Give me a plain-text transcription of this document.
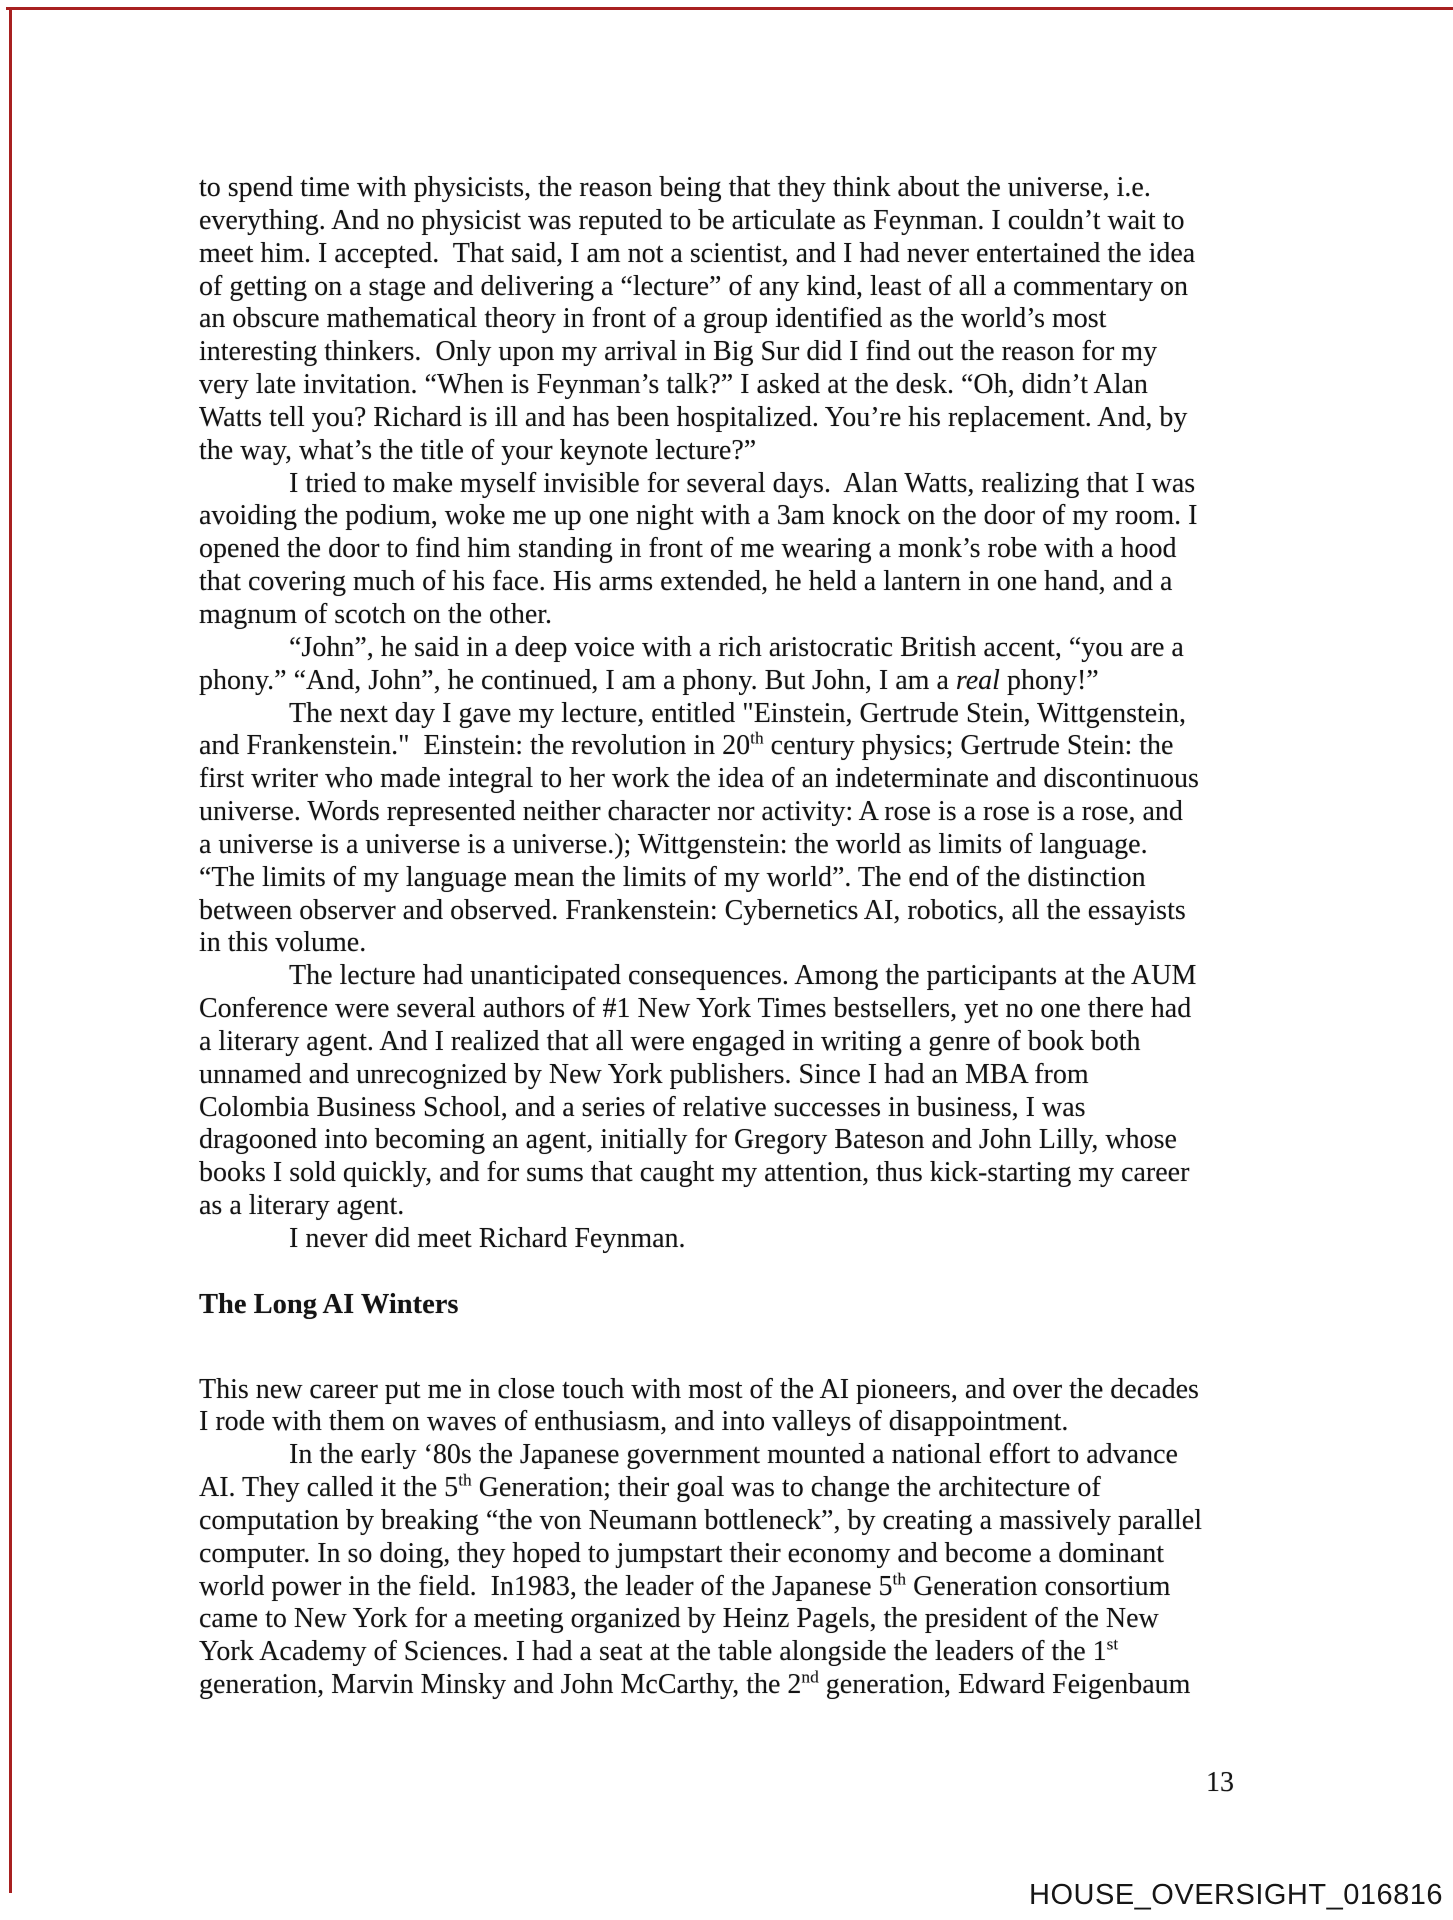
to spend time with physicists, the reason being that they think about the universe, i.e.
everything. And no physicist was reputed to be articulate as Feynman. I couldn’t wait to
meet him. I accepted.  That said, I am not a scientist, and I had never entertained the idea
of getting on a stage and delivering a “lecture” of any kind, least of all a commentary on
an obscure mathematical theory in front of a group identified as the world’s most
interesting thinkers.  Only upon my arrival in Big Sur did I find out the reason for my
very late invitation. “When is Feynman’s talk?” I asked at the desk. “Oh, didn’t Alan
Watts tell you? Richard is ill and has been hospitalized. You’re his replacement. And, by
the way, what’s the title of your keynote lecture?”
I tried to make myself invisible for several days.  Alan Watts, realizing that I was
avoiding the podium, woke me up one night with a 3am knock on the door of my room. I
opened the door to find him standing in front of me wearing a monk’s robe with a hood
that covering much of his face. His arms extended, he held a lantern in one hand, and a
magnum of scotch on the other.
“John”, he said in a deep voice with a rich aristocratic British accent, “you are a
phony.” “And, John”, he continued, I am a phony. But John, I am a real phony!”
The next day I gave my lecture, entitled "Einstein, Gertrude Stein, Wittgenstein,
and Frankenstein."  Einstein: the revolution in 20th century physics; Gertrude Stein: the
first writer who made integral to her work the idea of an indeterminate and discontinuous
universe. Words represented neither character nor activity: A rose is a rose is a rose, and
a universe is a universe is a universe.); Wittgenstein: the world as limits of language.
“The limits of my language mean the limits of my world”. The end of the distinction
between observer and observed. Frankenstein: Cybernetics AI, robotics, all the essayists
in this volume.
The lecture had unanticipated consequences. Among the participants at the AUM
Conference were several authors of #1 New York Times bestsellers, yet no one there had
a literary agent. And I realized that all were engaged in writing a genre of book both
unnamed and unrecognized by New York publishers. Since I had an MBA from
Colombia Business School, and a series of relative successes in business, I was
dragooned into becoming an agent, initially for Gregory Bateson and John Lilly, whose
books I sold quickly, and for sums that caught my attention, thus kick-starting my career
as a literary agent.
I never did meet Richard Feynman.
The Long AI Winters
This new career put me in close touch with most of the AI pioneers, and over the decades
I rode with them on waves of enthusiasm, and into valleys of disappointment.
In the early ‘80s the Japanese government mounted a national effort to advance
AI. They called it the 5th Generation; their goal was to change the architecture of
computation by breaking “the von Neumann bottleneck”, by creating a massively parallel
computer. In so doing, they hoped to jumpstart their economy and become a dominant
world power in the field.  In1983, the leader of the Japanese 5th Generation consortium
came to New York for a meeting organized by Heinz Pagels, the president of the New
York Academy of Sciences. I had a seat at the table alongside the leaders of the 1st
generation, Marvin Minsky and John McCarthy, the 2nd generation, Edward Feigenbaum
13
HOUSE_OVERSIGHT_016816
